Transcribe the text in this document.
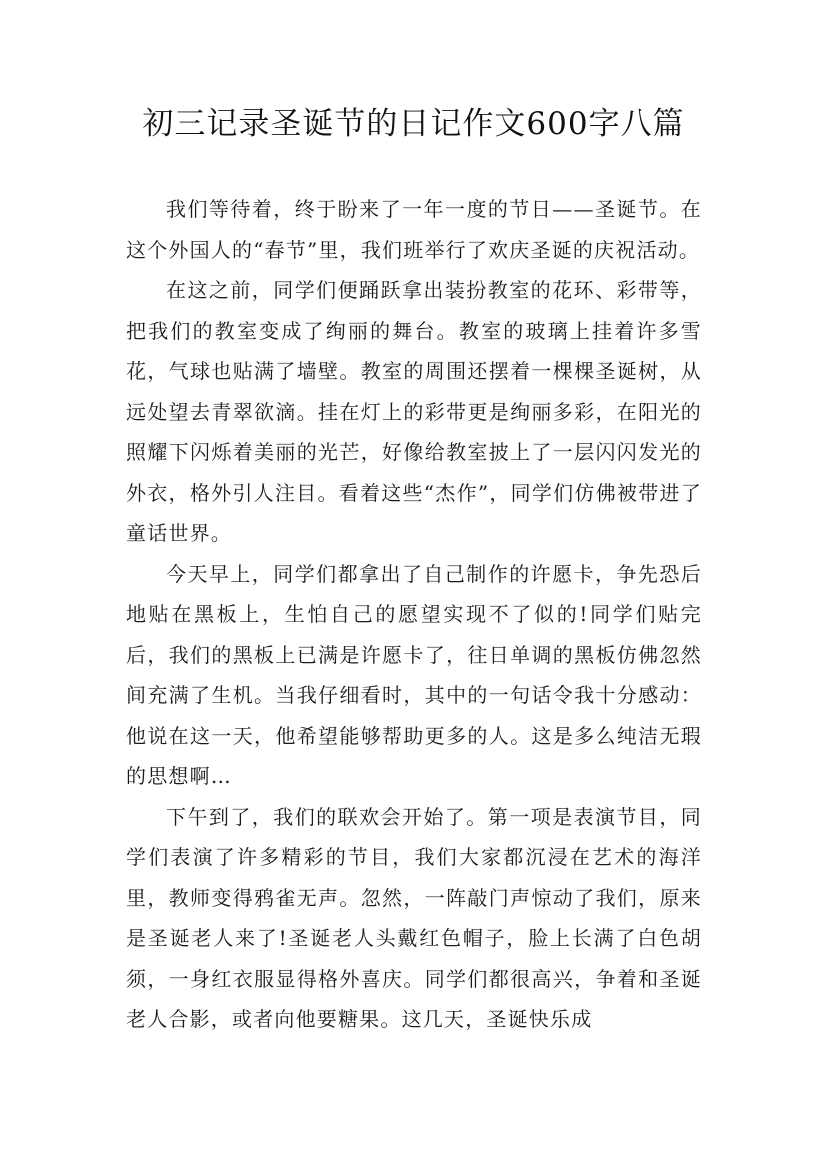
初三记录圣诞节的日记作文600字八篇

我们等待着，终于盼来了一年一度的节日——圣诞节。在这个外国人的“春节”里，我们班举行了欢庆圣诞的庆祝活动。

在这之前，同学们便踊跃拿出装扮教室的花环、彩带等，把我们的教室变成了绚丽的舞台。教室的玻璃上挂着许多雪花，气球也贴满了墙壁。教室的周围还摆着一棵棵圣诞树，从远处望去青翠欲滴。挂在灯上的彩带更是绚丽多彩，在阳光的照耀下闪烁着美丽的光芒，好像给教室披上了一层闪闪发光的外衣，格外引人注目。看着这些“杰作”，同学们仿佛被带进了童话世界。

今天早上，同学们都拿出了自己制作的许愿卡，争先恐后地贴在黑板上，生怕自己的愿望实现不了似的!同学们贴完后，我们的黑板上已满是许愿卡了，往日单调的黑板仿佛忽然间充满了生机。当我仔细看时，其中的一句话令我十分感动：他说在这一天，他希望能够帮助更多的人。这是多么纯洁无瑕的思想啊…

下午到了，我们的联欢会开始了。第一项是表演节目，同学们表演了许多精彩的节目，我们大家都沉浸在艺术的海洋里，教师变得鸦雀无声。忽然，一阵敲门声惊动了我们，原来是圣诞老人来了!圣诞老人头戴红色帽子，脸上长满了白色胡须，一身红衣服显得格外喜庆。同学们都很高兴，争着和圣诞老人合影，或者向他要糖果。这几天，圣诞快乐成
